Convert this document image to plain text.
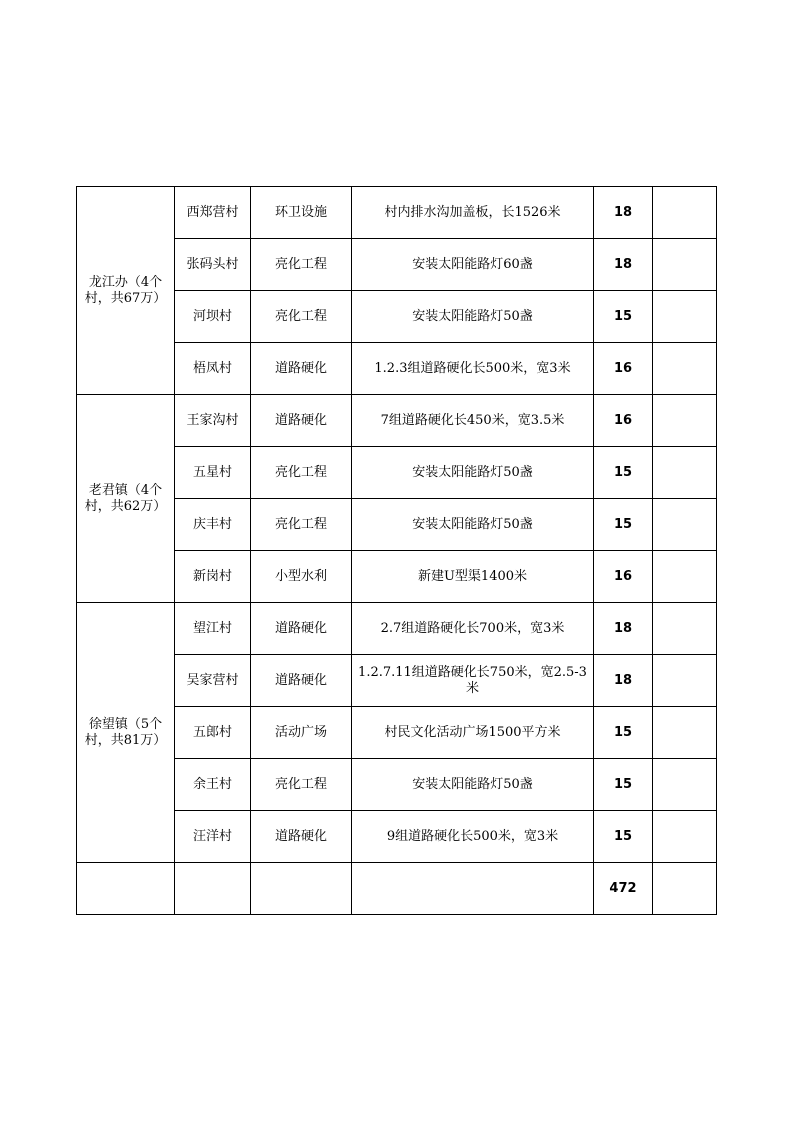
龙江办（4个村，共67万）	西郑营村	环卫设施	村内排水沟加盖板，长1526米	18	
	张码头村	亮化工程	安装太阳能路灯60盏	18	
	河坝村	亮化工程	安装太阳能路灯50盏	15	
	梧凤村	道路硬化	1.2.3组道路硬化长500米，宽3米	16	
老君镇（4个村，共62万）	王家沟村	道路硬化	7组道路硬化长450米，宽3.5米	16	
	五星村	亮化工程	安装太阳能路灯50盏	15	
	庆丰村	亮化工程	安装太阳能路灯50盏	15	
	新岗村	小型水利	新建U型渠1400米	16	
徐望镇（5个村，共81万）	望江村	道路硬化	2.7组道路硬化长700米，宽3米	18	
	吴家营村	道路硬化	1.2.7.11组道路硬化长750米，宽2.5-3米	18	
	五郎村	活动广场	村民文化活动广场1500平方米	15	
	余王村	亮化工程	安装太阳能路灯50盏	15	
	汪洋村	道路硬化	9组道路硬化长500米，宽3米	15	
				472	
